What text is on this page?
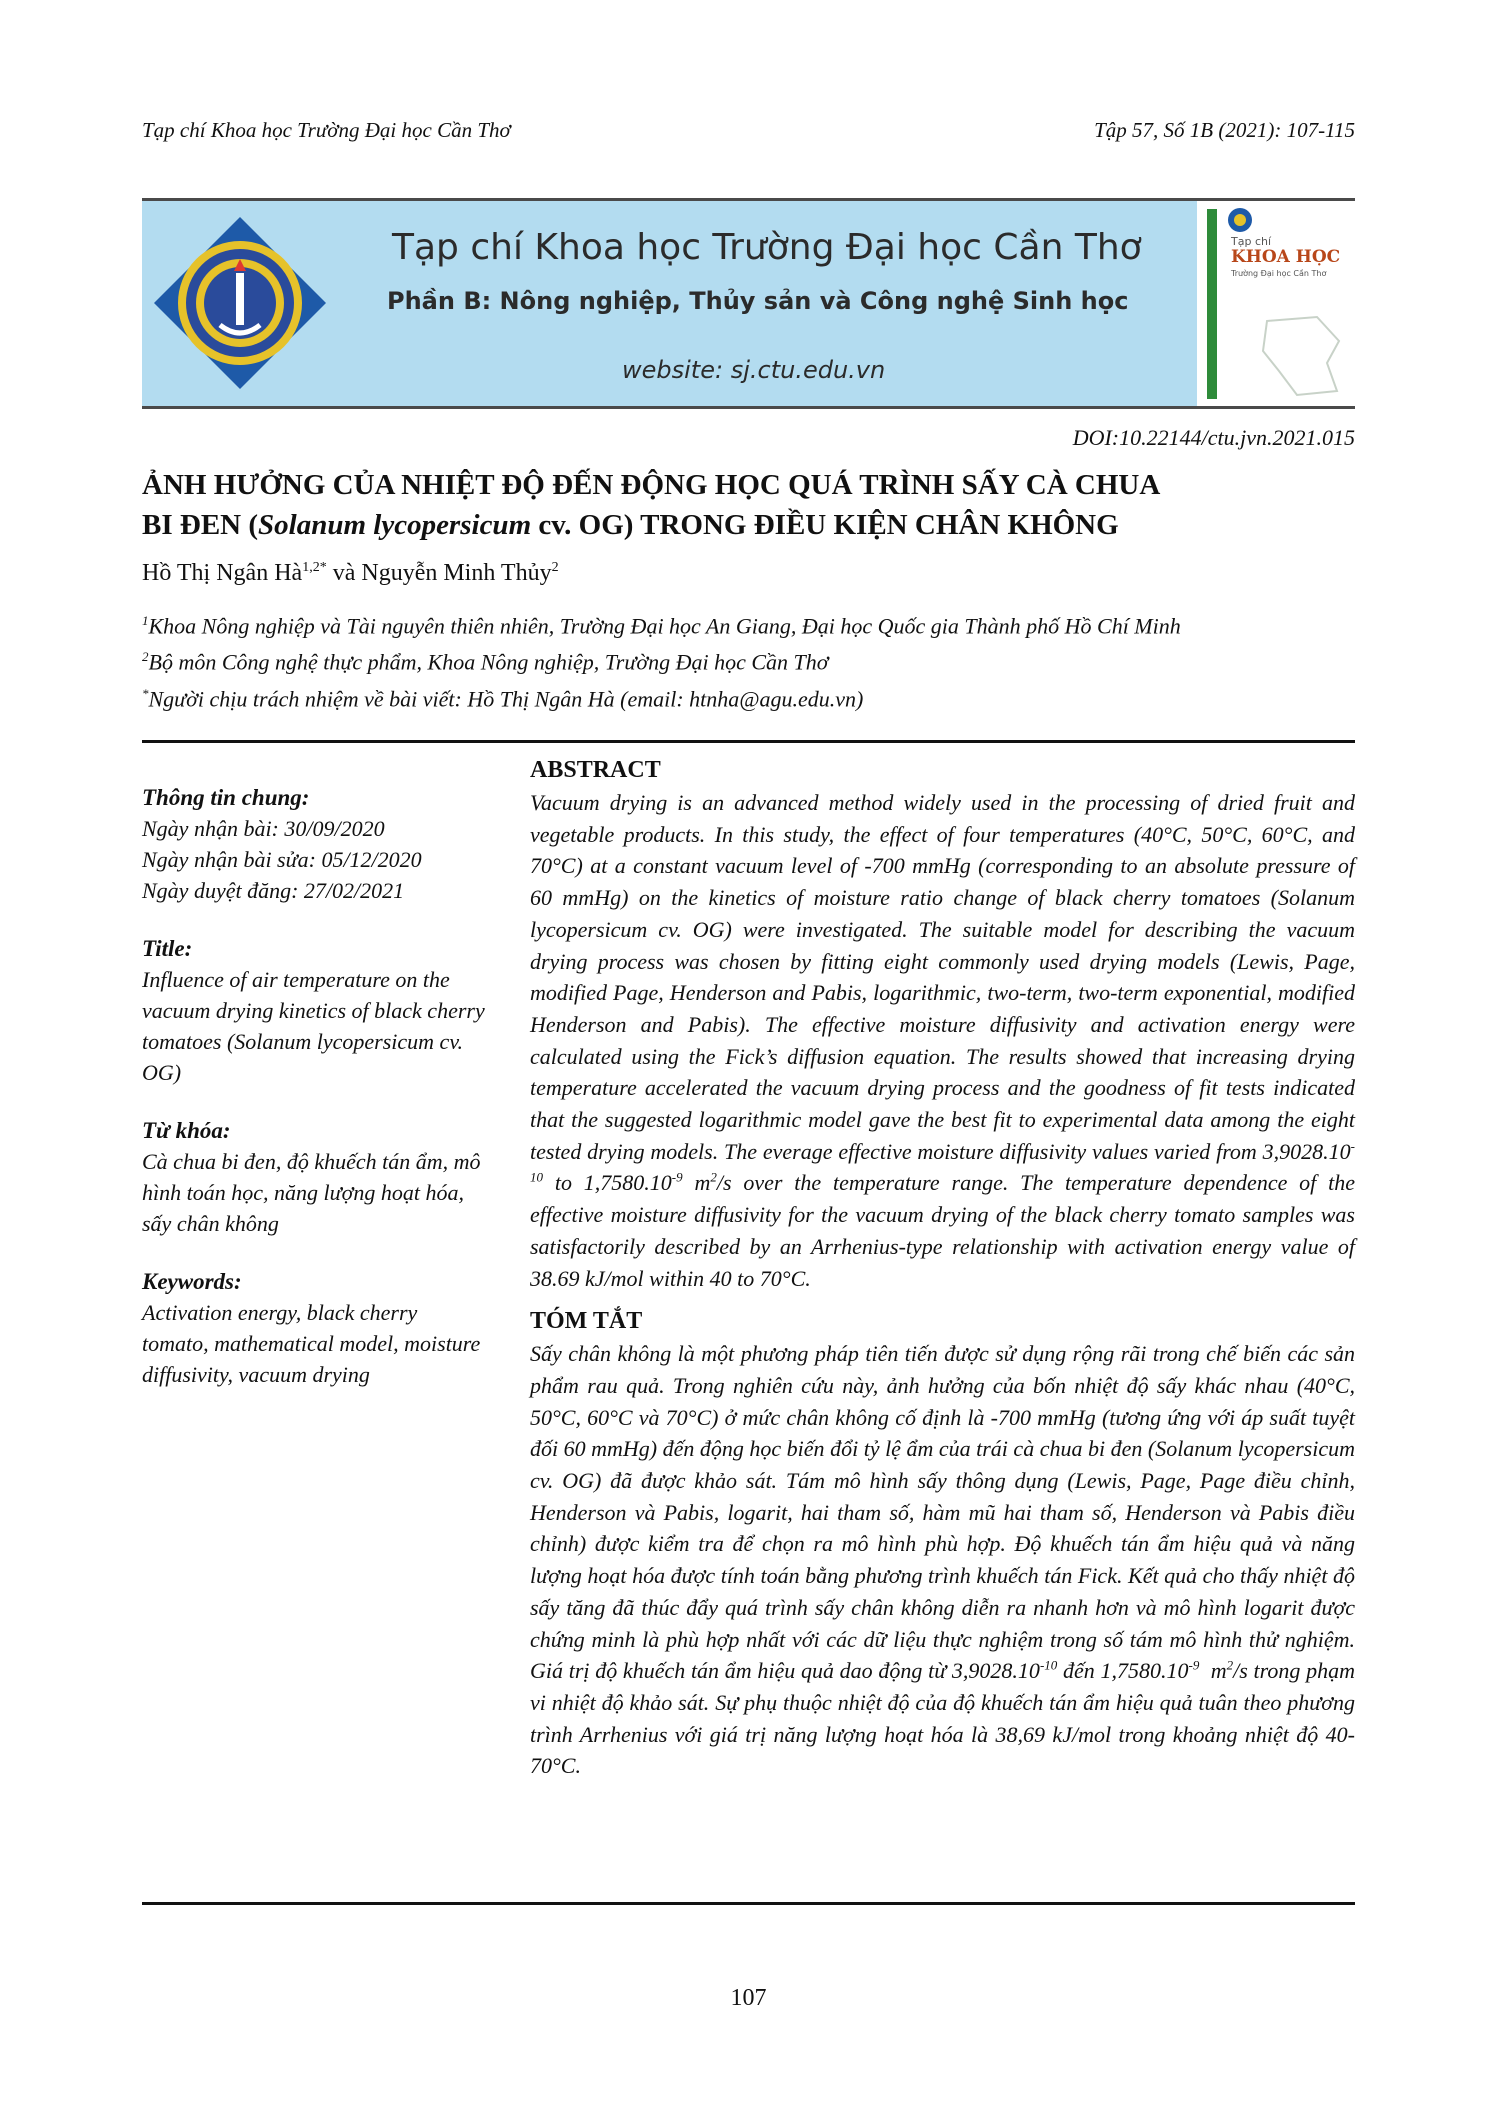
Tạp chí Khoa học Trường Đại học Cần Thơ	Tập 57, Số 1B (2021): 107-115
Tạp chí Khoa học Trường Đại học Cần Thơ
Phần B: Nông nghiệp, Thủy sản và Công nghệ Sinh học
website: sj.ctu.edu.vn
Tạp chí
KHOA HỌC
Trường Đại học Cần Thơ
DOI:10.22144/ctu.jvn.2021.015
ẢNH HƯỞNG CỦA NHIỆT ĐỘ ĐẾN ĐỘNG HỌC QUÁ TRÌNH SẤY CÀ CHUA
BI ĐEN (Solanum lycopersicum cv. OG) TRONG ĐIỀU KIỆN CHÂN KHÔNG
Hồ Thị Ngân $Hà^{1,2*}$ và Nguyễn Minh Thủy$^2$

$^1$Khoa Nông nghiệp và Tài nguyên thiên nhiên, Trường Đại học An Giang, Đại học Quốc gia Thành phố Hồ Chí Minh

$^2$Bộ môn Công nghệ thực phẩm, Khoa Nông nghiệp, Trường Đại học Cần Thơ

*Người chịu trách nhiệm về bài viết: Hồ Thị Ngân Hà (email: htnha@agu.edu.vn)

Thông tin chung:
Ngày nhận bài: 30/09/2020
Ngày nhận bài sửa: 05/12/2020
Ngày duyệt đăng: 27/02/2021
Title:
Influence of air temperature on the vacuum drying kinetics of black cherry tomatoes (Solanum lycopersicum cv. OG)
Từ khóa:
Cà chua bi đen, độ khuếch tán ẩm, mô hình toán học, năng lượng hoạt hóa, sấy chân không
Keywords:
Activation energy, black cherry tomato, mathematical model, moisture diffusivity, vacuum drying
ABSTRACT

Vacuum drying is an advanced method widely used in the processing of dried fruit and vegetable products. In this study, the effect of four temperatures (40°C, 50°C, 60°C, and 70°C) at a constant vacuum level of -700 mmHg (corresponding to an absolute pressure of 60 mmHg) on the kinetics of moisture ratio change of black cherry tomatoes (Solanum lycopersicum cv. OG) were investigated. The suitable model for describing the vacuum drying process was chosen by fitting eight commonly used drying models (Lewis, Page, modified Page, Henderson and Pabis, logarithmic, two-term, two-term exponential, modified Henderson and Pabis). The effective moisture diffusivity and activation energy were calculated using the Fick’s diffusion equation. The results showed that increasing drying temperature accelerated the vacuum drying process and the goodness of fit tests indicated that the suggested logarithmic model gave the best fit to experimental data among the eight tested drying models. The everage effective moisture diffusivity values varied from $3,9028.10^{-10}$ to $1,7580.10^{-9}$ $m^2/s$ over the temperature range. The temperature dependence of the effective moisture diffusivity for the vacuum drying of the black cherry tomato samples was satisfactorily described by an Arrhenius-type relationship with activation energy value of 38.69 kJ/mol within 40 to 70°C.

TÓM TẮT

Sấy chân không là một phương pháp tiên tiến được sử dụng rộng rãi trong chế biến các sản phẩm rau quả. Trong nghiên cứu này, ảnh hưởng của bốn nhiệt độ sấy khác nhau (40°C, 50°C, 60°C và 70°C) ở mức chân không cố định là -700 mmHg (tương ứng với áp suất tuyệt đối 60 mmHg) đến động học biến đổi tỷ lệ ẩm của trái cà chua bi đen (Solanum lycopersicum cv. OG) đã được khảo sát. Tám mô hình sấy thông dụng (Lewis, Page, Page điều chỉnh, Henderson và Pabis, logarit, hai tham số, hàm mũ hai tham số, Henderson và Pabis điều chỉnh) được kiểm tra để chọn ra mô hình phù hợp. Độ khuếch tán ẩm hiệu quả và năng lượng hoạt hóa được tính toán bằng phương trình khuếch tán Fick. Kết quả cho thấy nhiệt độ sấy tăng đã thúc đẩy quá trình sấy chân không diễn ra nhanh hơn và mô hình logarit được chứng minh là phù hợp nhất với các dữ liệu thực nghiệm trong số tám mô hình thử nghiệm. Giá trị độ khuếch tán ẩm hiệu quả dao động từ $3,9028.10^{-10}$ đến $1,7580.10^{-9}$  $m^2/s$ trong phạm vi nhiệt độ khảo sát. Sự phụ thuộc nhiệt độ của độ khuếch tán ẩm hiệu quả tuân theo phương trình Arrhenius với giá trị năng lượng hoạt hóa là 38,69 kJ/mol trong khoảng nhiệt độ 40-70°C.

107
